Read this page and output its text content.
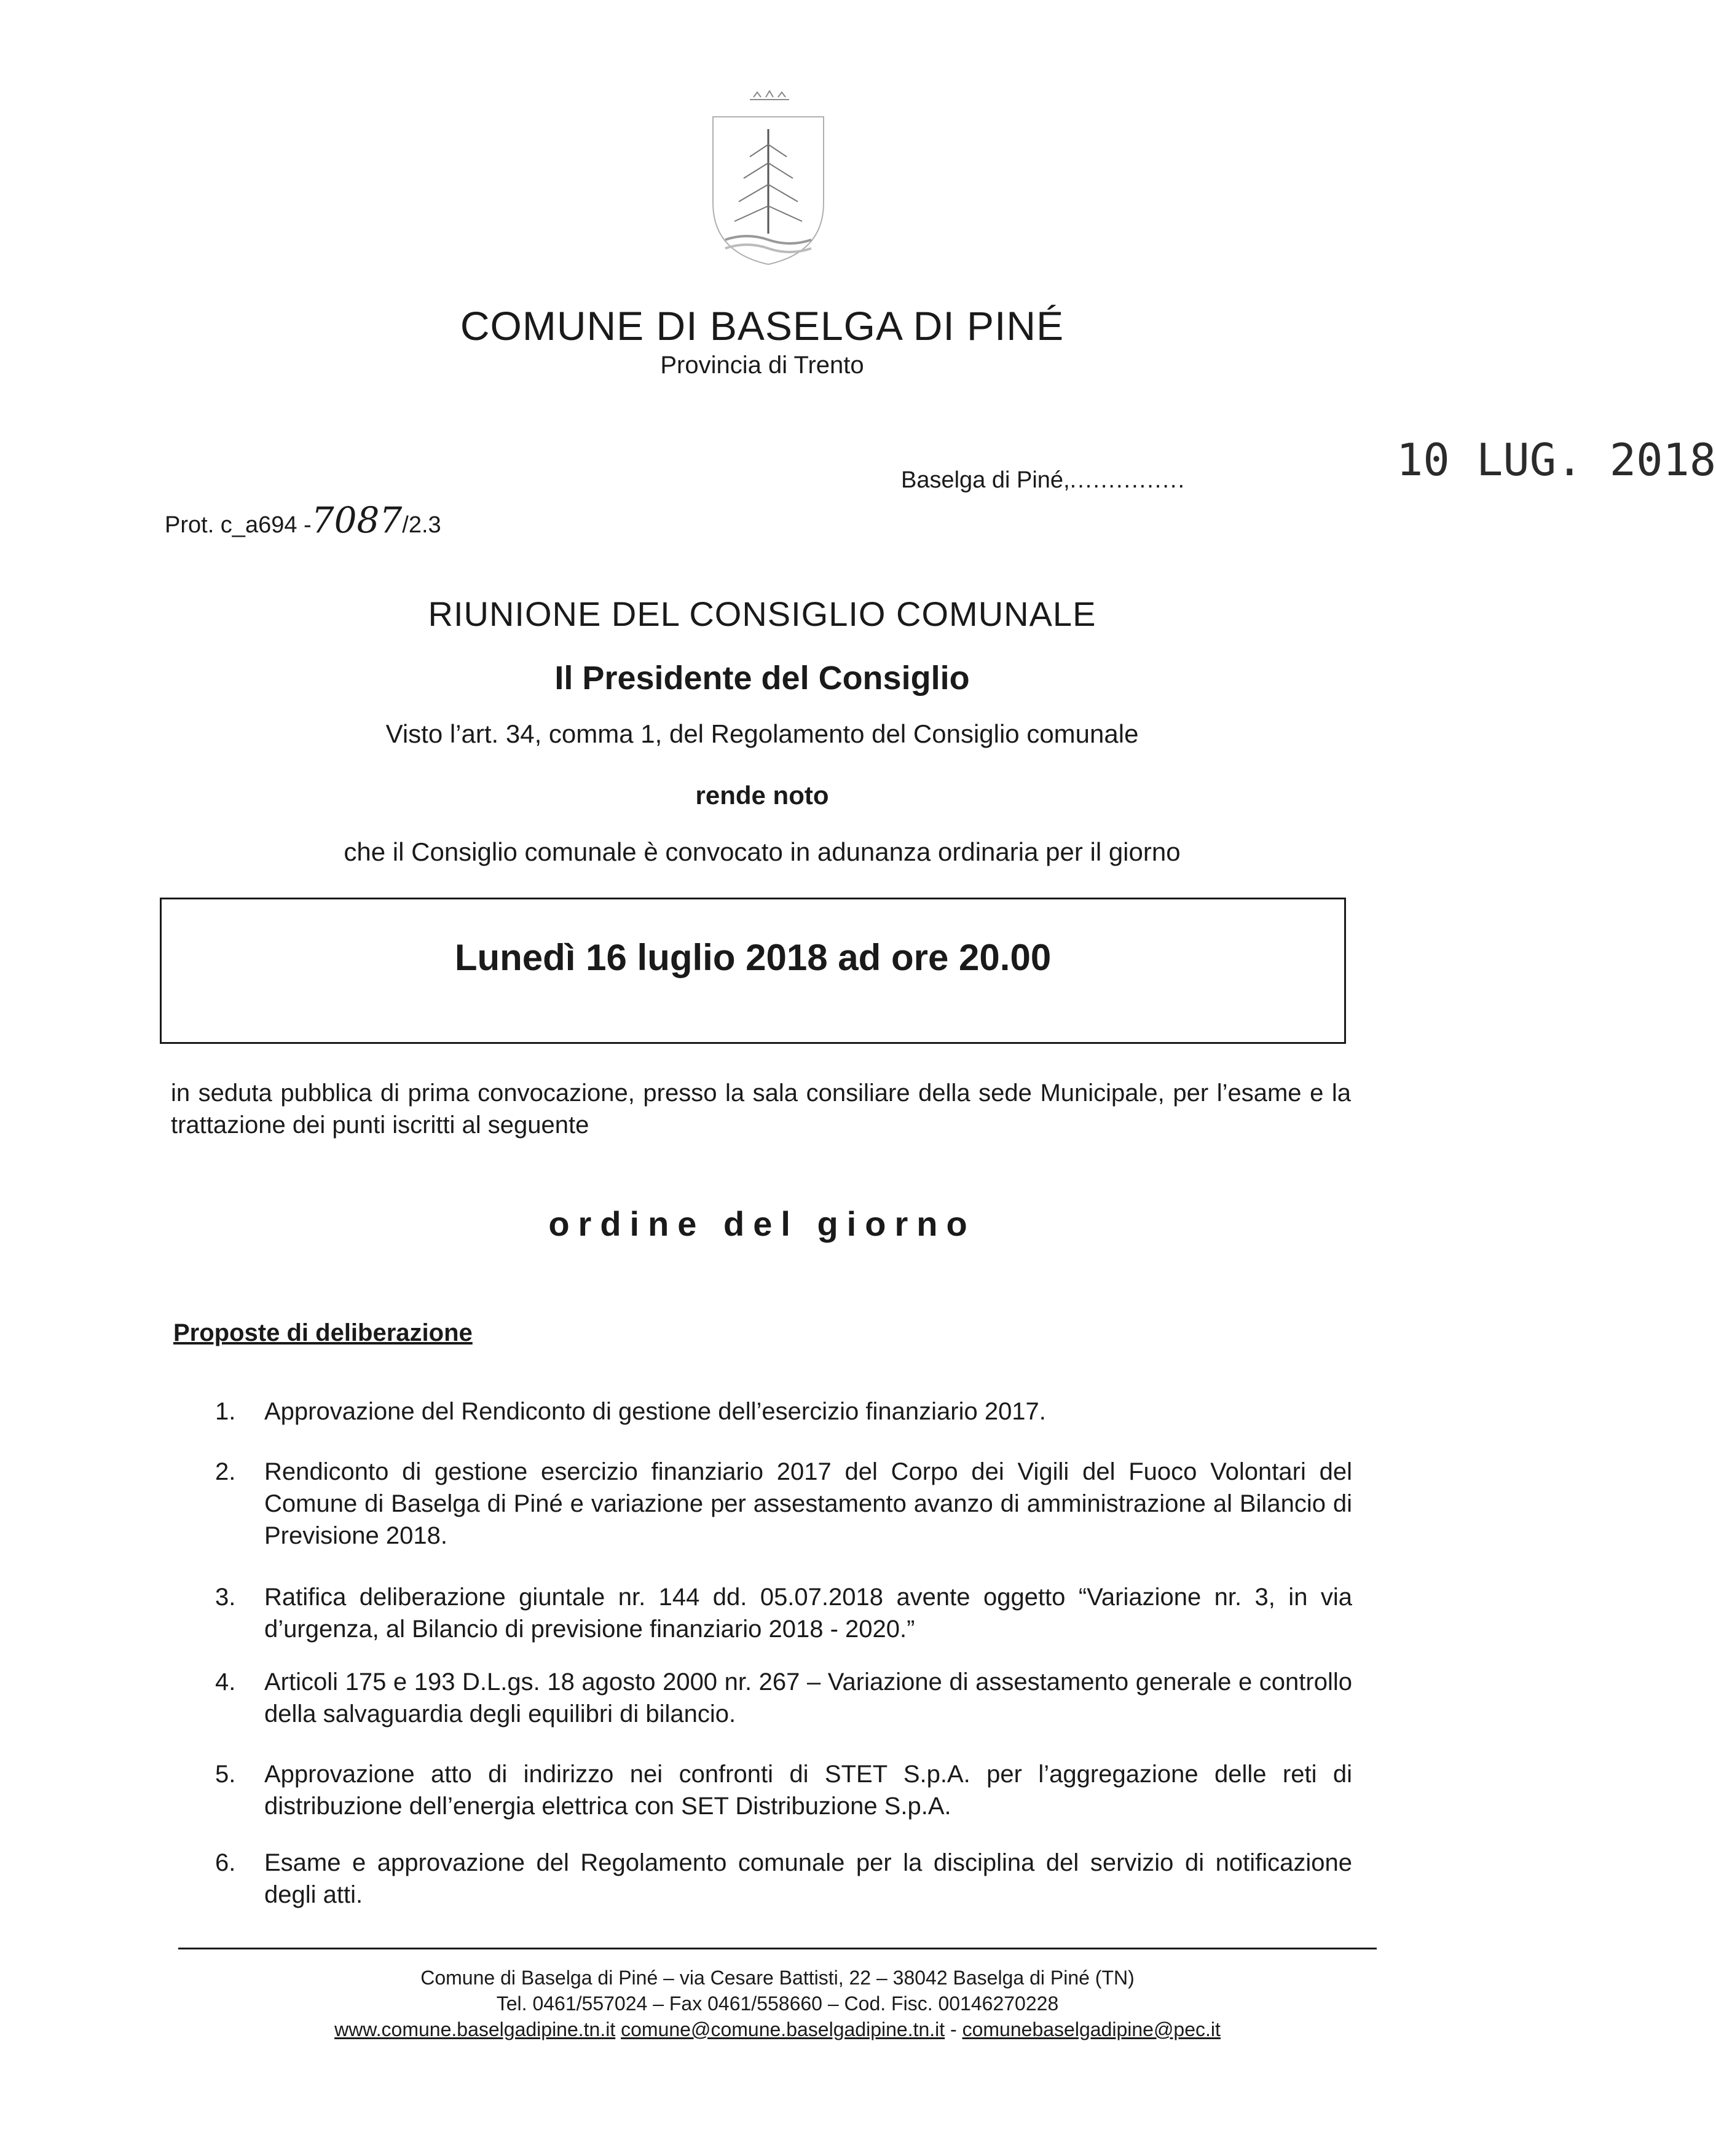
COMUNE DI BASELGA DI PINÉ
Provincia di Trento
Prot. c_a694 -7087/2.3
Baselga di Piné,...............	10 LUG. 2018
RIUNIONE DEL CONSIGLIO COMUNALE
Il Presidente del Consiglio
Visto l’art. 34, comma 1, del Regolamento del Consiglio comunale
rende noto
che il Consiglio comunale è convocato in adunanza ordinaria per il giorno
Lunedì 16 luglio 2018 ad ore 20.00
in seduta pubblica di prima convocazione, presso la sala consiliare della sede Municipale, per l’esame e la trattazione dei punti iscritti al seguente
ordine del giorno
Proposte di deliberazione
1.	Approvazione del Rendiconto di gestione dell’esercizio finanziario 2017.
2.	Rendiconto di gestione esercizio finanziario 2017 del Corpo dei Vigili del Fuoco Volontari del Comune di Baselga di Piné e variazione per assestamento avanzo di amministrazione al Bilancio di Previsione 2018.
3.	Ratifica deliberazione giuntale nr. 144 dd. 05.07.2018 avente oggetto “Variazione nr. 3, in via d’urgenza, al Bilancio di previsione finanziario 2018 - 2020.”
4.	Articoli 175 e 193 D.L.gs. 18 agosto 2000 nr. 267 – Variazione di assestamento generale e controllo della salvaguardia degli equilibri di bilancio.
5.	Approvazione atto di indirizzo nei confronti di STET S.p.A. per l’aggregazione delle reti di distribuzione dell’energia elettrica con SET Distribuzione S.p.A.
6.	Esame e approvazione del Regolamento comunale per la disciplina del servizio di notificazione degli atti.
Comune di Baselga di Piné – via Cesare Battisti, 22 – 38042 Baselga di Piné (TN)
Tel. 0461/557024 – Fax 0461/558660 – Cod. Fisc. 00146270228
www.comune.baselgadipine.tn.it comune@comune.baselgadipine.tn.it - comunebaselgadipine@pec.it
